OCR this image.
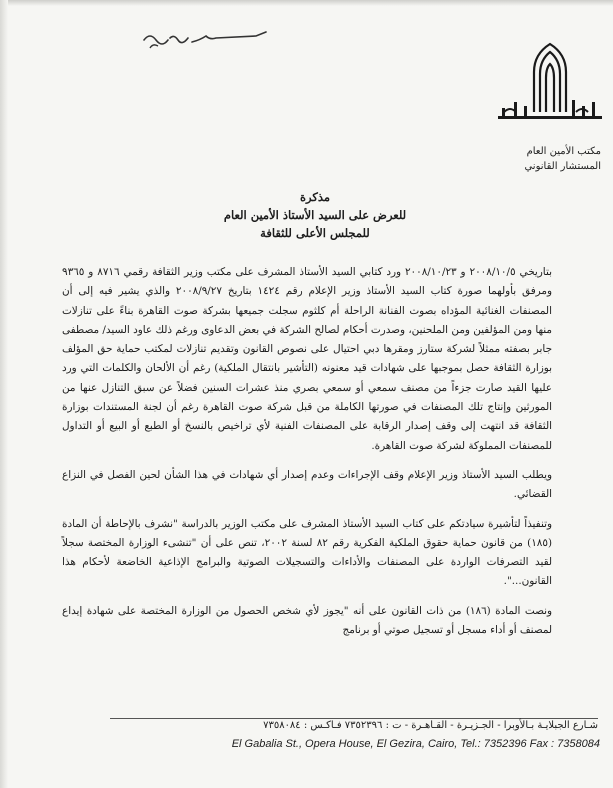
مكتب الأمين العام
المستشار القانوني
مذكرة
للعرض على السيد الأستاذ الأمين العام
للمجلس الأعلى للثقافة

بتاريخي ٢٠٠٨/١٠/٥ و ٢٠٠٨/١٠/٢٣ ورد كتابي السيد الأستاذ المشرف على مكتب وزير الثقافة رقمي ٨٧١٦ و ٩٣٦٥ ومرفق بأولهما صورة كتاب السيد الأستاذ وزير الإعلام رقم ١٤٢٤ بتاريخ ٢٠٠٨/٩/٢٧ والذي يشير فيه إلى أن المصنفات الغنائية المؤداه بصوت الفنانة الراحلة أم كلثوم سجلت جميعها بشركة صوت القاهرة بناءً على تنازلات منها ومن المؤلفين ومن الملحنين، وصدرت أحكام لصالح الشركة في بعض الدعاوى ورغم ذلك عاود السيد/ مصطفى جابر بصفته ممثلاً لشركة ستارز ومقرها دبي احتيال على نصوص القانون وتقديم تنازلات لمكتب حماية حق المؤلف بوزارة الثقافة حصل بموجبها على شهادات قيد معنونه (التأشير بانتقال الملكية) رغم أن الألحان والكلمات التي ورد عليها القيد صارت جزءاً من مصنف سمعي أو سمعي بصري منذ عشرات السنين فضلاً عن سبق التنازل عنها من المورثين وإنتاج تلك المصنفات في صورتها الكاملة من قبل شركة صوت القاهرة رغم أن لجنة المستندات بوزارة الثقافة قد انتهت إلى وقف إصدار الرقابة على المصنفات الفنية لأي تراخيص بالنسخ أو الطبع أو البيع أو التداول للمصنفات المملوكة لشركة صوت القاهرة.

ويطلب السيد الأستاذ وزير الإعلام وقف الإجراءات وعدم إصدار أي شهادات في هذا الشأن لحين الفصل في النزاع القضائي.

وتنفيذاً لتأشيرة سيادتكم على كتاب السيد الأستاذ المشرف على مكتب الوزير بالدراسة "نشرف بالإحاطة أن المادة (١٨٥) من قانون حماية حقوق الملكية الفكرية رقم ٨٢ لسنة ٢٠٠٢، تنص على أن "تنشىء الوزارة المختصة سجلاً لقيد التصرفات الواردة على المصنفات والأداءات والتسجيلات الصوتية والبرامج الإذاعية الخاضعة لأحكام هذا القانون...".

ونصت المادة (١٨٦) من ذات القانون على أنه "يجوز لأي شخص الحصول من الوزارة المختصة على شهادة إيداع لمصنف أو أداء مسجل أو تسجيل صوتي أو برنامج

شـارع الجبلايـة بـالأوبرا - الجـزيـرة - القـاهـرة - ت : ٧٣٥٢٣٩٦ فـاكـس : ٧٣٥٨٠٨٤
El Gabalia St., Opera House, El Gezira, Cairo, Tel.: 7352396 Fax : 7358084
